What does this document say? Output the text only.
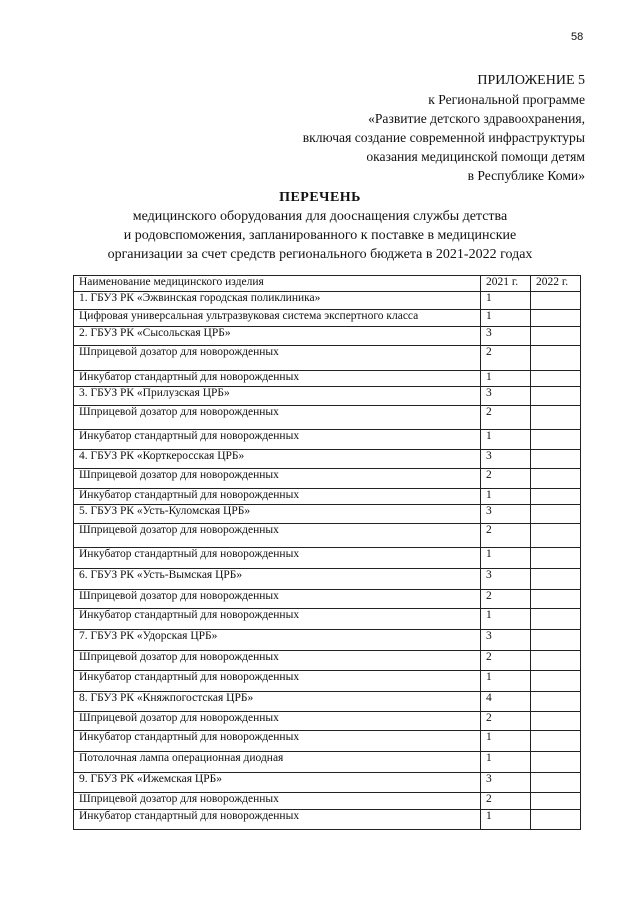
58
ПРИЛОЖЕНИЕ 5
к Региональной программе
«Развитие детского здравоохранения,
включая создание современной инфраструктуры
оказания медицинской помощи детям
в Республике Коми»
ПЕРЕЧЕНЬ
медицинского оборудования для дооснащения службы детства
и родовспоможения, запланированного к поставке в медицинские
организации за счет средств регионального бюджета в 2021-2022 годах
Наименование медицинского изделия	2021 г.	2022 г.
1. ГБУЗ РК «Эжвинская городская поликлиника»	1	
Цифровая универсальная ультразвуковая система экспертного класса	1	
2. ГБУЗ РК «Сысольская ЦРБ»	3	
Шприцевой дозатор для новорожденных	2	
Инкубатор стандартный для новорожденных	1	
3. ГБУЗ РК «Прилузская ЦРБ»	3	
Шприцевой дозатор для новорожденных	2	
Инкубатор стандартный для новорожденных	1	
4. ГБУЗ РК «Корткеросская ЦРБ»	3	
Шприцевой дозатор для новорожденных	2	
Инкубатор стандартный для новорожденных	1	
5. ГБУЗ РК «Усть-Куломская ЦРБ»	3	
Шприцевой дозатор для новорожденных	2	
Инкубатор стандартный для новорожденных	1	
6. ГБУЗ РК «Усть-Вымская ЦРБ»	3	
Шприцевой дозатор для новорожденных	2	
Инкубатор стандартный для новорожденных	1	
7. ГБУЗ РК «Удорская ЦРБ»	3	
Шприцевой дозатор для новорожденных	2	
Инкубатор стандартный для новорожденных	1	
8. ГБУЗ РК «Княжпогостская ЦРБ»	4	
Шприцевой дозатор для новорожденных	2	
Инкубатор стандартный для новорожденных	1	
Потолочная лампа операционная диодная	1	
9. ГБУЗ РК «Ижемская ЦРБ»	3	
Шприцевой дозатор для новорожденных	2	
Инкубатор стандартный для новорожденных	1	
